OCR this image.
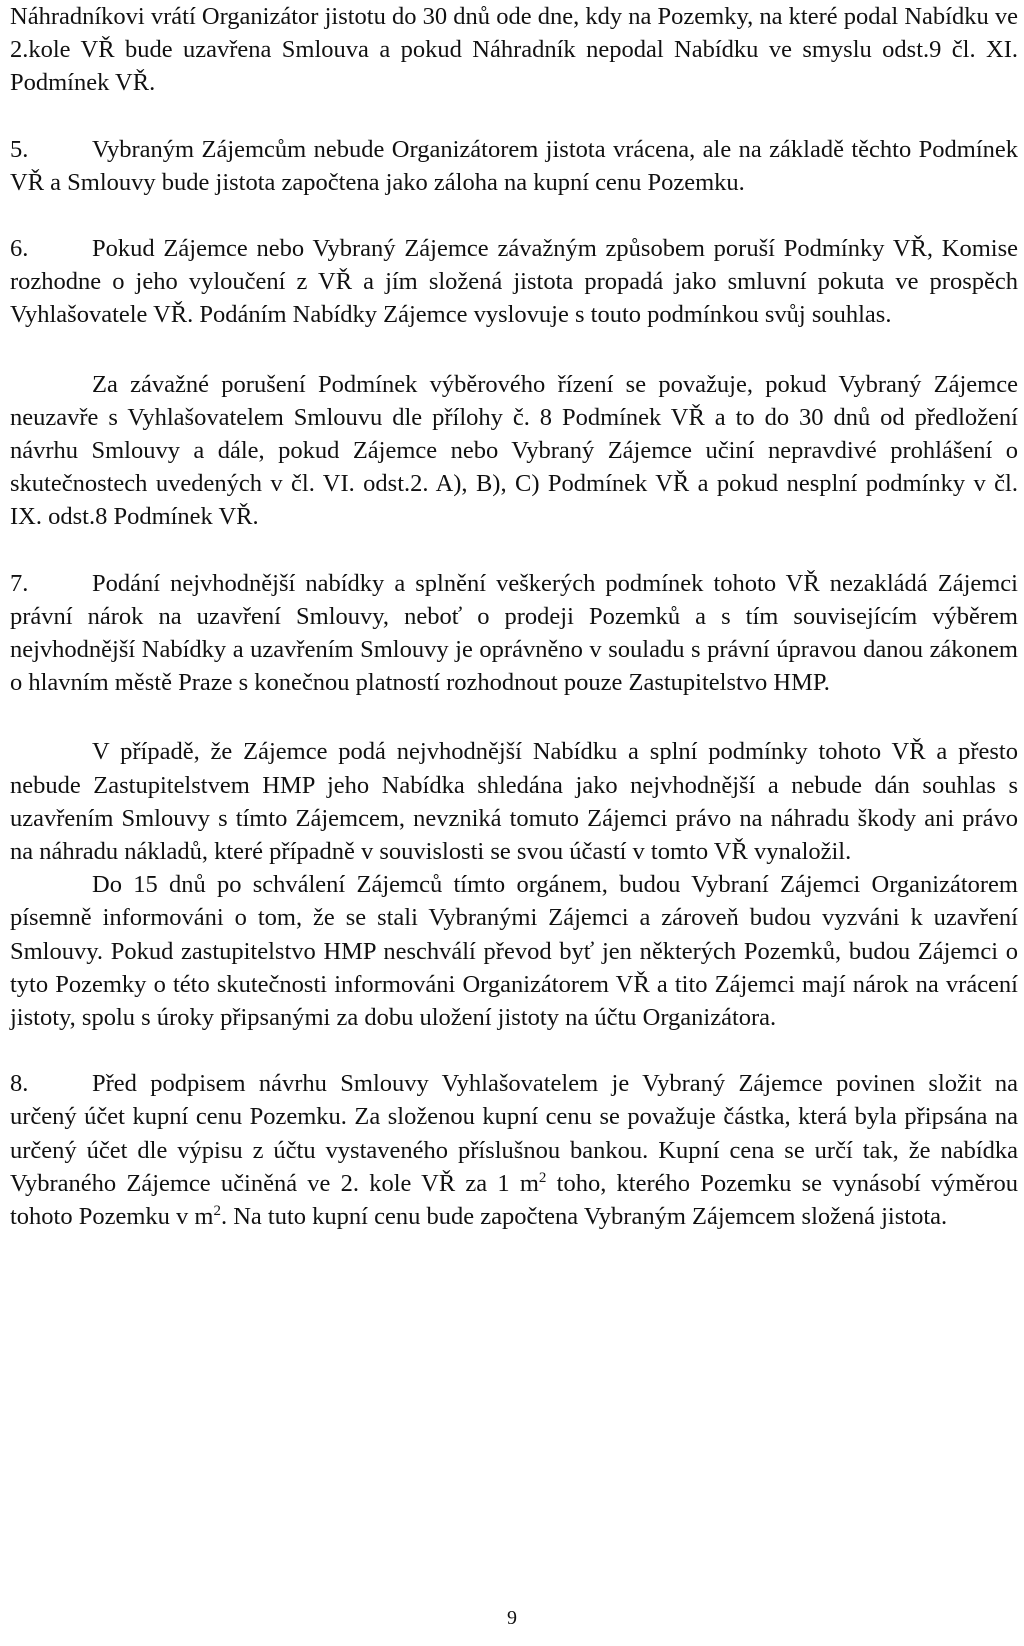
Náhradníkovi vrátí Organizátor jistotu do 30 dnů ode dne, kdy na Pozemky, na které podal Nabídku ve 2.kole VŘ bude uzavřena Smlouva a pokud Náhradník nepodal Nabídku ve smyslu odst.9 čl. XI. Podmínek VŘ.

5.	Vybraným Zájemcům nebude Organizátorem jistota vrácena, ale na základě těchto Podmínek VŘ a Smlouvy bude jistota započtena jako záloha na kupní cenu Pozemku.

6.	Pokud Zájemce nebo Vybraný Zájemce závažným způsobem poruší Podmínky VŘ, Komise rozhodne o jeho vyloučení z VŘ a jím složená jistota propadá jako smluvní pokuta ve prospěch Vyhlašovatele VŘ. Podáním Nabídky Zájemce vyslovuje s touto podmínkou svůj souhlas.

Za závažné porušení Podmínek výběrového řízení se považuje, pokud Vybraný Zájemce neuzavře s Vyhlašovatelem Smlouvu dle přílohy č. 8 Podmínek VŘ a to do 30 dnů od předložení návrhu Smlouvy a dále, pokud Zájemce nebo Vybraný Zájemce učiní nepravdivé prohlášení o skutečnostech uvedených v čl. VI. odst.2. A), B), C) Podmínek VŘ a pokud nesplní podmínky v čl. IX. odst.8 Podmínek VŘ.

7.	Podání nejvhodnější nabídky a splnění veškerých podmínek tohoto VŘ nezakládá Zájemci právní nárok na uzavření Smlouvy, neboť o prodeji Pozemků a s tím souvisejícím výběrem nejvhodnější Nabídky a uzavřením Smlouvy je oprávněno v souladu s právní úpravou danou zákonem o hlavním městě Praze s konečnou platností rozhodnout pouze Zastupitelstvo HMP.

V případě, že Zájemce podá nejvhodnější Nabídku a splní podmínky tohoto VŘ a přesto nebude Zastupitelstvem HMP jeho Nabídka shledána jako nejvhodnější a nebude dán souhlas s uzavřením Smlouvy s tímto Zájemcem, nevzniká tomuto Zájemci právo na náhradu škody ani právo na náhradu nákladů, které případně v souvislosti se svou účastí v tomto VŘ vynaložil.

Do 15 dnů po schválení Zájemců tímto orgánem, budou Vybraní Zájemci Organizátorem písemně informováni o tom, že se stali Vybranými Zájemci a zároveň budou vyzváni k uzavření Smlouvy. Pokud zastupitelstvo HMP neschválí převod byť jen některých Pozemků, budou Zájemci o tyto Pozemky o této skutečnosti informováni Organizátorem VŘ a tito Zájemci mají nárok na vrácení jistoty, spolu s úroky připsanými za dobu uložení jistoty na účtu Organizátora.

8.	Před podpisem návrhu Smlouvy Vyhlašovatelem je Vybraný Zájemce povinen složit na určený účet kupní cenu Pozemku. Za složenou kupní cenu se považuje částka, která byla připsána na určený účet dle výpisu z účtu vystaveného příslušnou bankou. Kupní cena se určí tak, že nabídka Vybraného Zájemce učiněná ve 2. kole VŘ za 1 $m^2$ toho, kterého Pozemku se vynásobí výměrou tohoto Pozemku v $m^2$. Na tuto kupní cenu bude započtena Vybraným Zájemcem složená jistota.

9
